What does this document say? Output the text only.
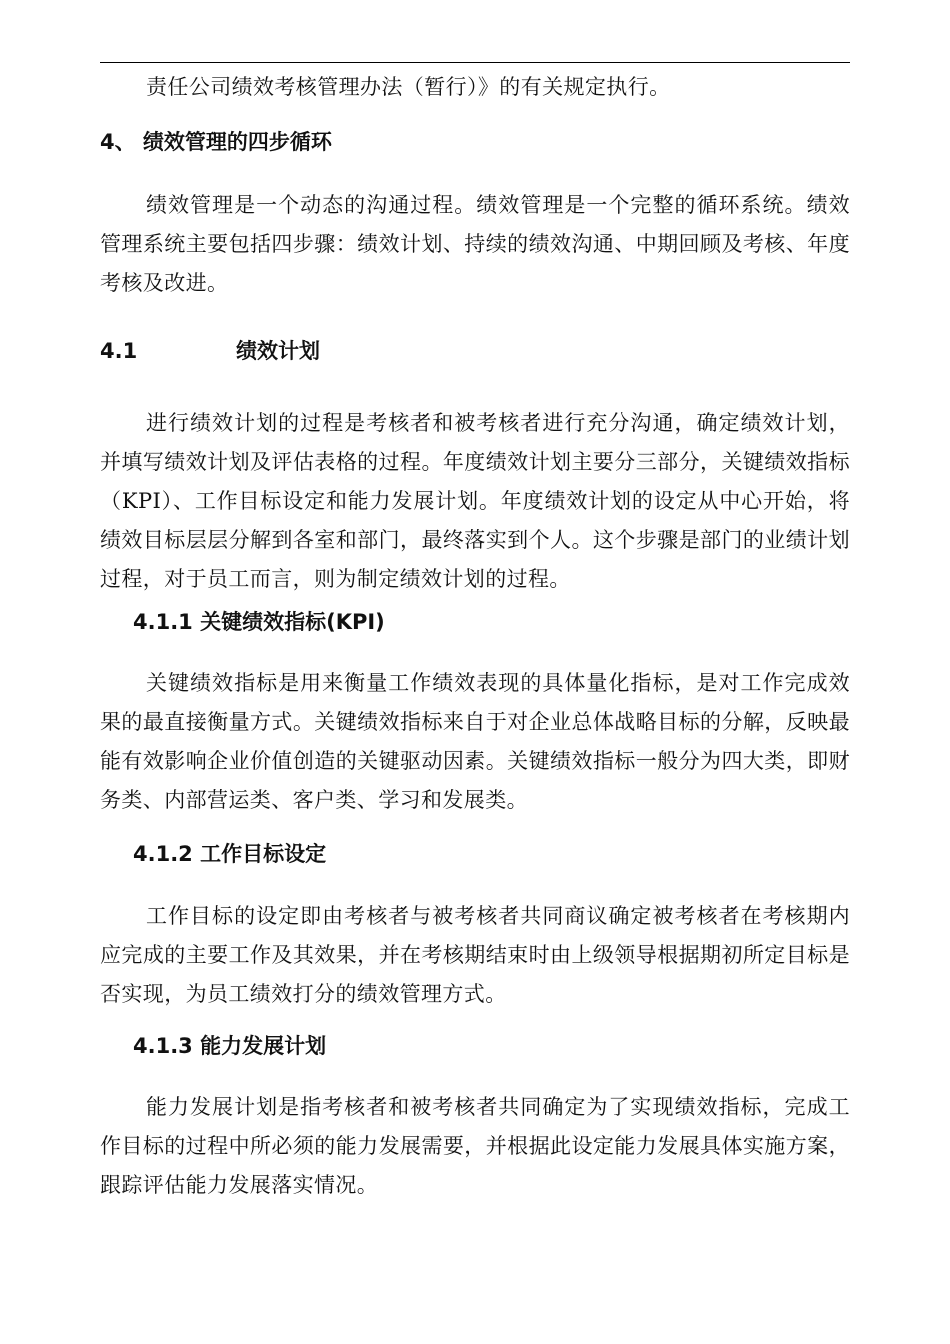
责任公司绩效考核管理办法（暂行）》的有关规定执行。

4、 绩效管理的四步循环

绩效管理是一个动态的沟通过程。绩效管理是一个完整的循环系统。绩效管理系统主要包括四步骤：绩效计划、持续的绩效沟通、中期回顾及考核、年度考核及改进。

4.1	绩效计划

进行绩效计划的过程是考核者和被考核者进行充分沟通，确定绩效计划，并填写绩效计划及评估表格的过程。年度绩效计划主要分三部分，关键绩效指标（KPI）、工作目标设定和能力发展计划。年度绩效计划的设定从中心开始，将绩效目标层层分解到各室和部门，最终落实到个人。这个步骤是部门的业绩计划过程，对于员工而言，则为制定绩效计划的过程。

4.1.1 关键绩效指标(KPI)

关键绩效指标是用来衡量工作绩效表现的具体量化指标，是对工作完成效果的最直接衡量方式。关键绩效指标来自于对企业总体战略目标的分解，反映最能有效影响企业价值创造的关键驱动因素。关键绩效指标一般分为四大类，即财务类、内部营运类、客户类、学习和发展类。

4.1.2 工作目标设定

工作目标的设定即由考核者与被考核者共同商议确定被考核者在考核期内应完成的主要工作及其效果，并在考核期结束时由上级领导根据期初所定目标是否实现，为员工绩效打分的绩效管理方式。

4.1.3 能力发展计划

能力发展计划是指考核者和被考核者共同确定为了实现绩效指标，完成工作目标的过程中所必须的能力发展需要，并根据此设定能力发展具体实施方案，跟踪评估能力发展落实情况。
